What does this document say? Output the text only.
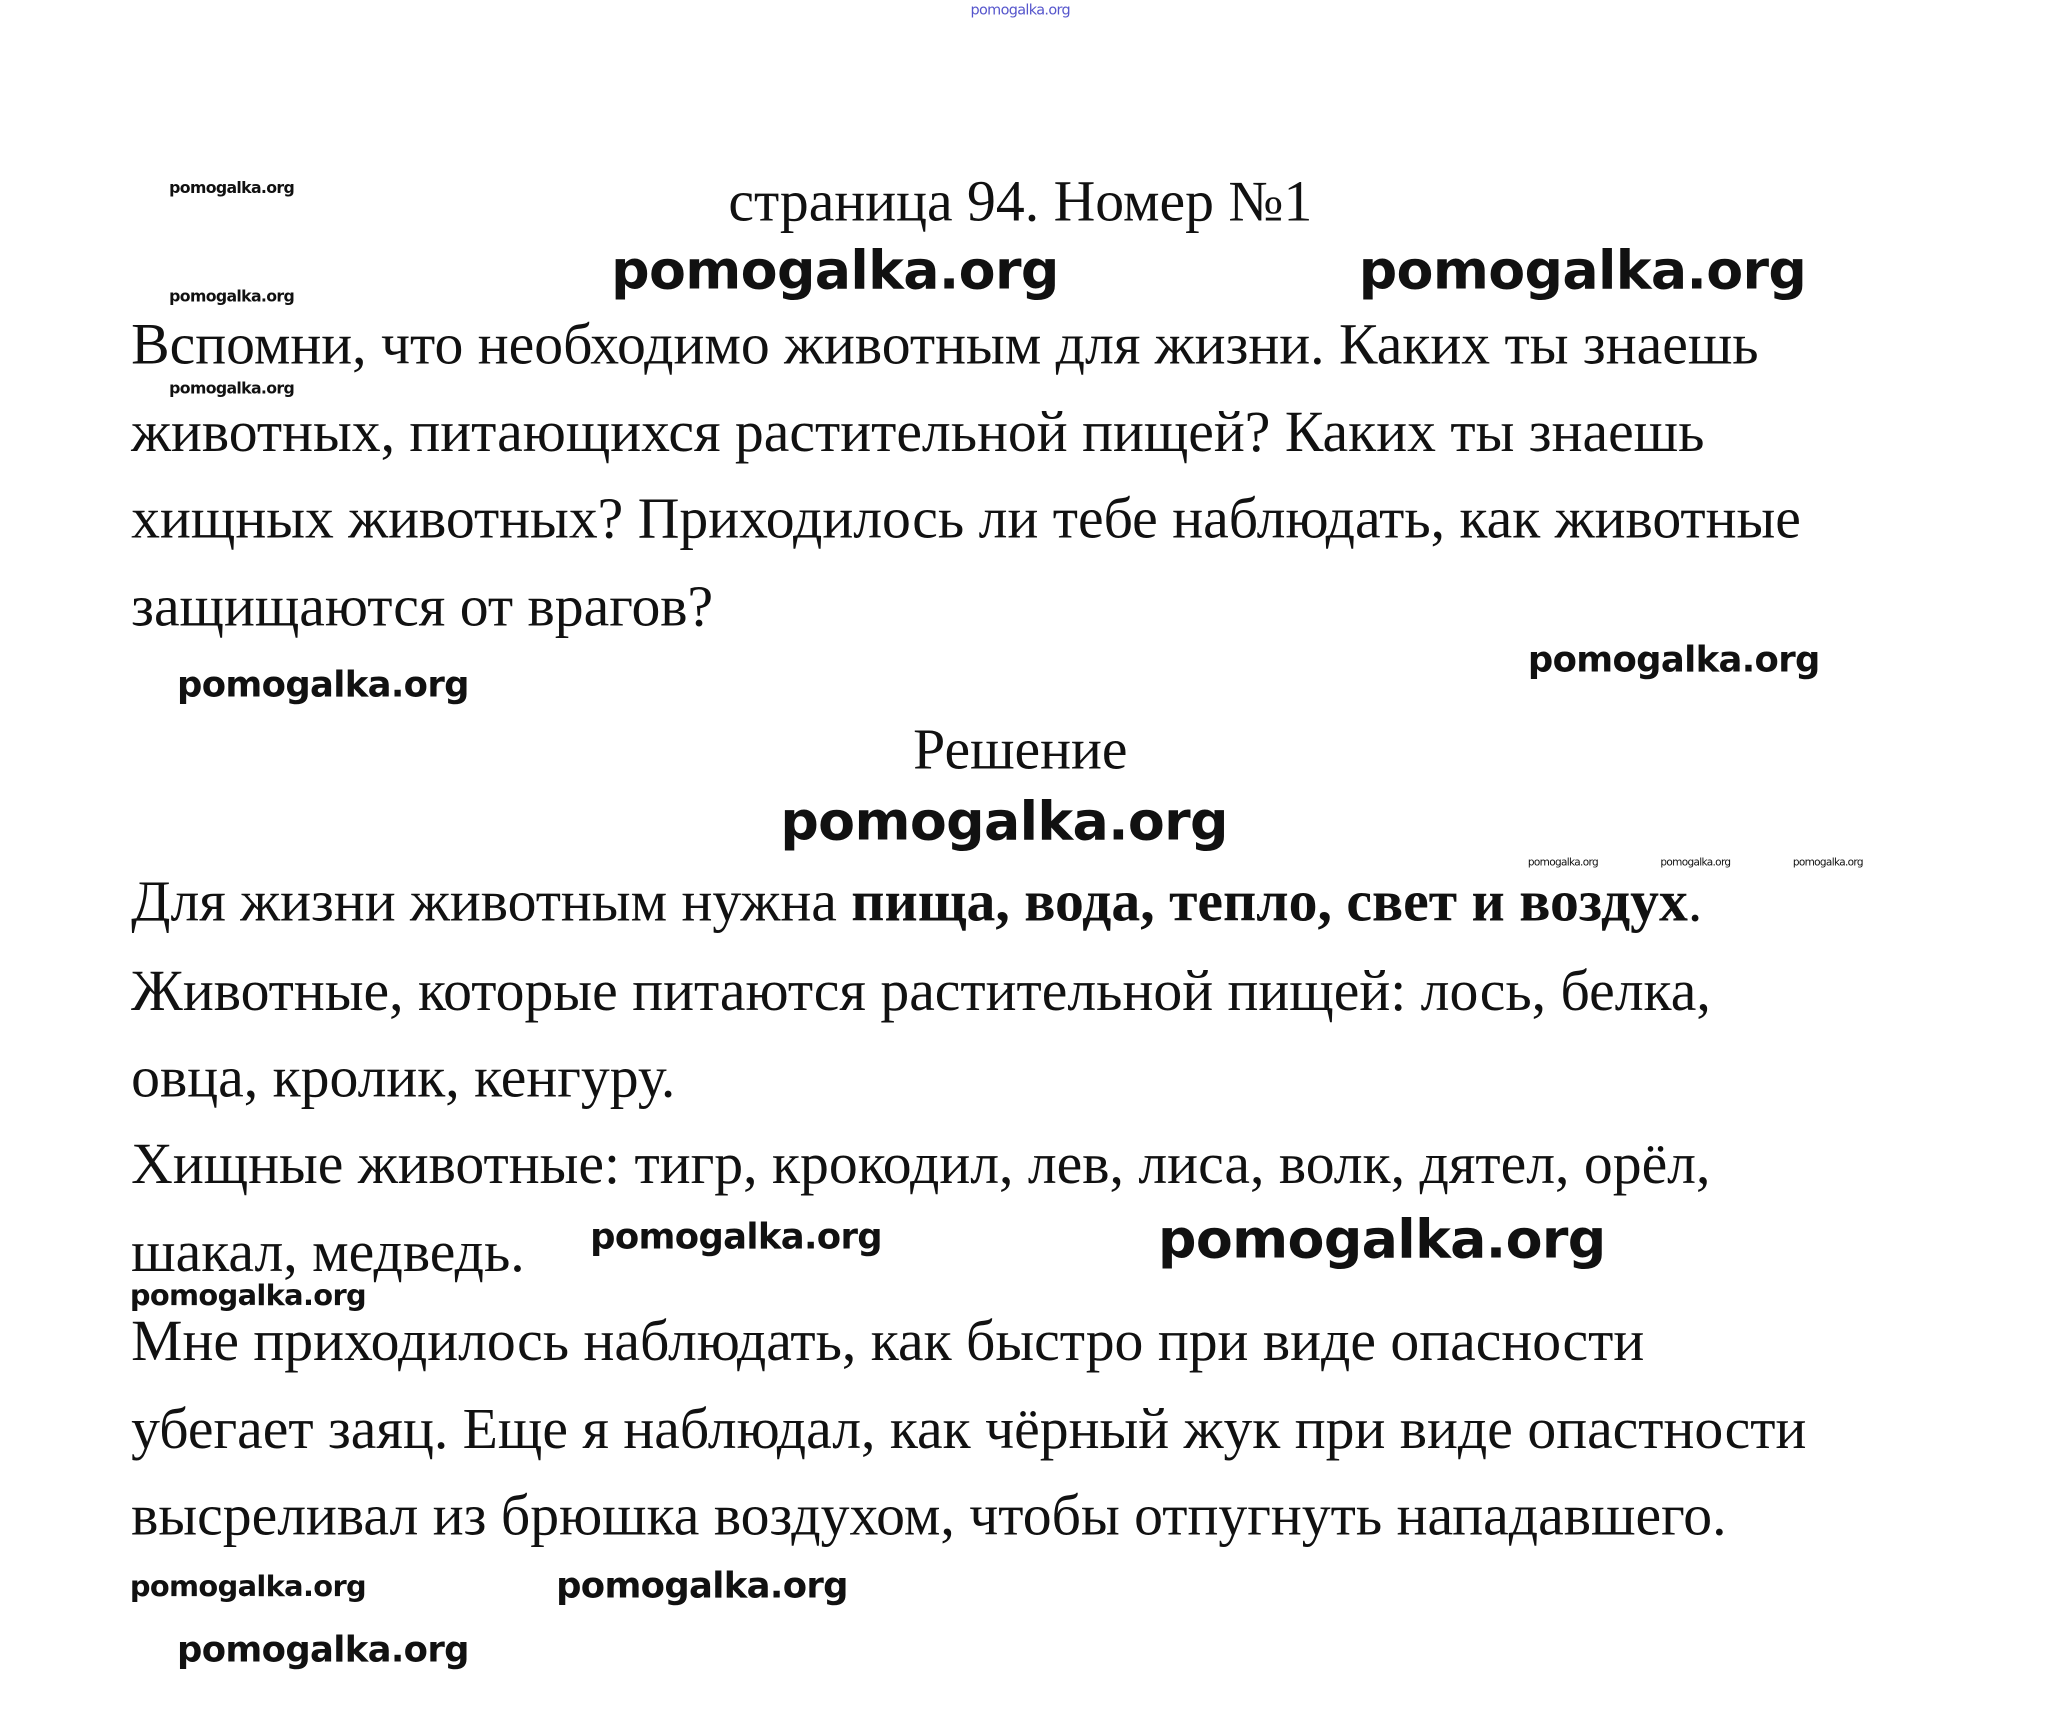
pomogalka.org
pomogalka.org
pomogalka.org
pomogalka.org
страница 94. Номер №1
pomogalka.org	pomogalka.org
Вспомни, что необходимо животным для жизни. Каких ты знаешь
животных, питающихся растительной пищей? Каких ты знаешь
хищных животных? Приходилось ли тебе наблюдать, как животные
защищаются от врагов?
pomogalka.org
pomogalka.org
Решение
pomogalka.org
pomogalka.org	pomogalka.org	pomogalka.org
Для жизни животным нужна пища, вода, тепло, свет и воздух.
Животные, которые питаются растительной пищей: лось, белка,
овца, кролик, кенгуру.
Хищные животные: тигр, крокодил, лев, лиса, волк, дятел, орёл,
шакал, медведь. pomogalka.org	pomogalka.org
pomogalka.org
Мне приходилось наблюдать, как быстро при виде опасности
убегает заяц. Еще я наблюдал, как чёрный жук при виде опастности
высреливал из брюшка воздухом, чтобы отпугнуть нападавшего.
pomogalka.org	pomogalka.org
pomogalka.org
